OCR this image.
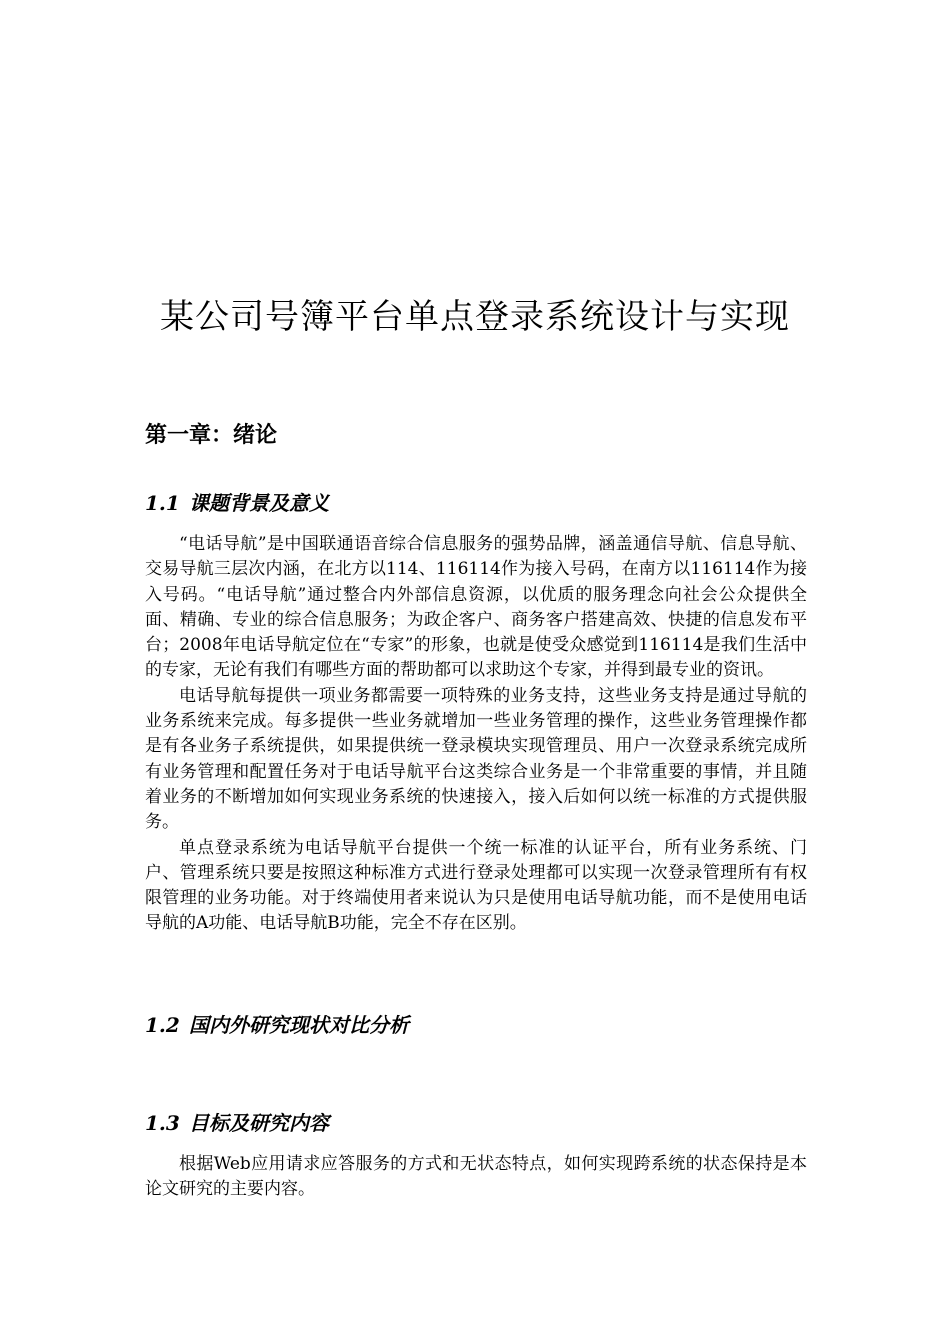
某公司号簿平台单点登录系统设计与实现
第一章：绪论
1.1 课题背景及意义

“电话导航”是中国联通语音综合信息服务的强势品牌，涵盖通信导航、信息导航、交易导航三层次内涵，在北方以114、116114作为接入号码，在南方以116114作为接入号码。“电话导航”通过整合内外部信息资源，以优质的服务理念向社会公众提供全面、精确、专业的综合信息服务；为政企客户、商务客户搭建高效、快捷的信息发布平台；2008年电话导航定位在“专家”的形象，也就是使受众感觉到116114是我们生活中的专家，无论有我们有哪些方面的帮助都可以求助这个专家，并得到最专业的资讯。

电话导航每提供一项业务都需要一项特殊的业务支持，这些业务支持是通过导航的业务系统来完成。每多提供一些业务就增加一些业务管理的操作，这些业务管理操作都是有各业务子系统提供，如果提供统一登录模块实现管理员、用户一次登录系统完成所有业务管理和配置任务对于电话导航平台这类综合业务是一个非常重要的事情，并且随着业务的不断增加如何实现业务系统的快速接入，接入后如何以统一标准的方式提供服务。

单点登录系统为电话导航平台提供一个统一标准的认证平台，所有业务系统、门户、管理系统只要是按照这种标准方式进行登录处理都可以实现一次登录管理所有有权限管理的业务功能。对于终端使用者来说认为只是使用电话导航功能，而不是使用电话导航的A功能、电话导航B功能，完全不存在区别。

1.2 国内外研究现状对比分析
1.3 目标及研究内容

根据Web应用请求应答服务的方式和无状态特点，如何实现跨系统的状态保持是本论文研究的主要内容。
